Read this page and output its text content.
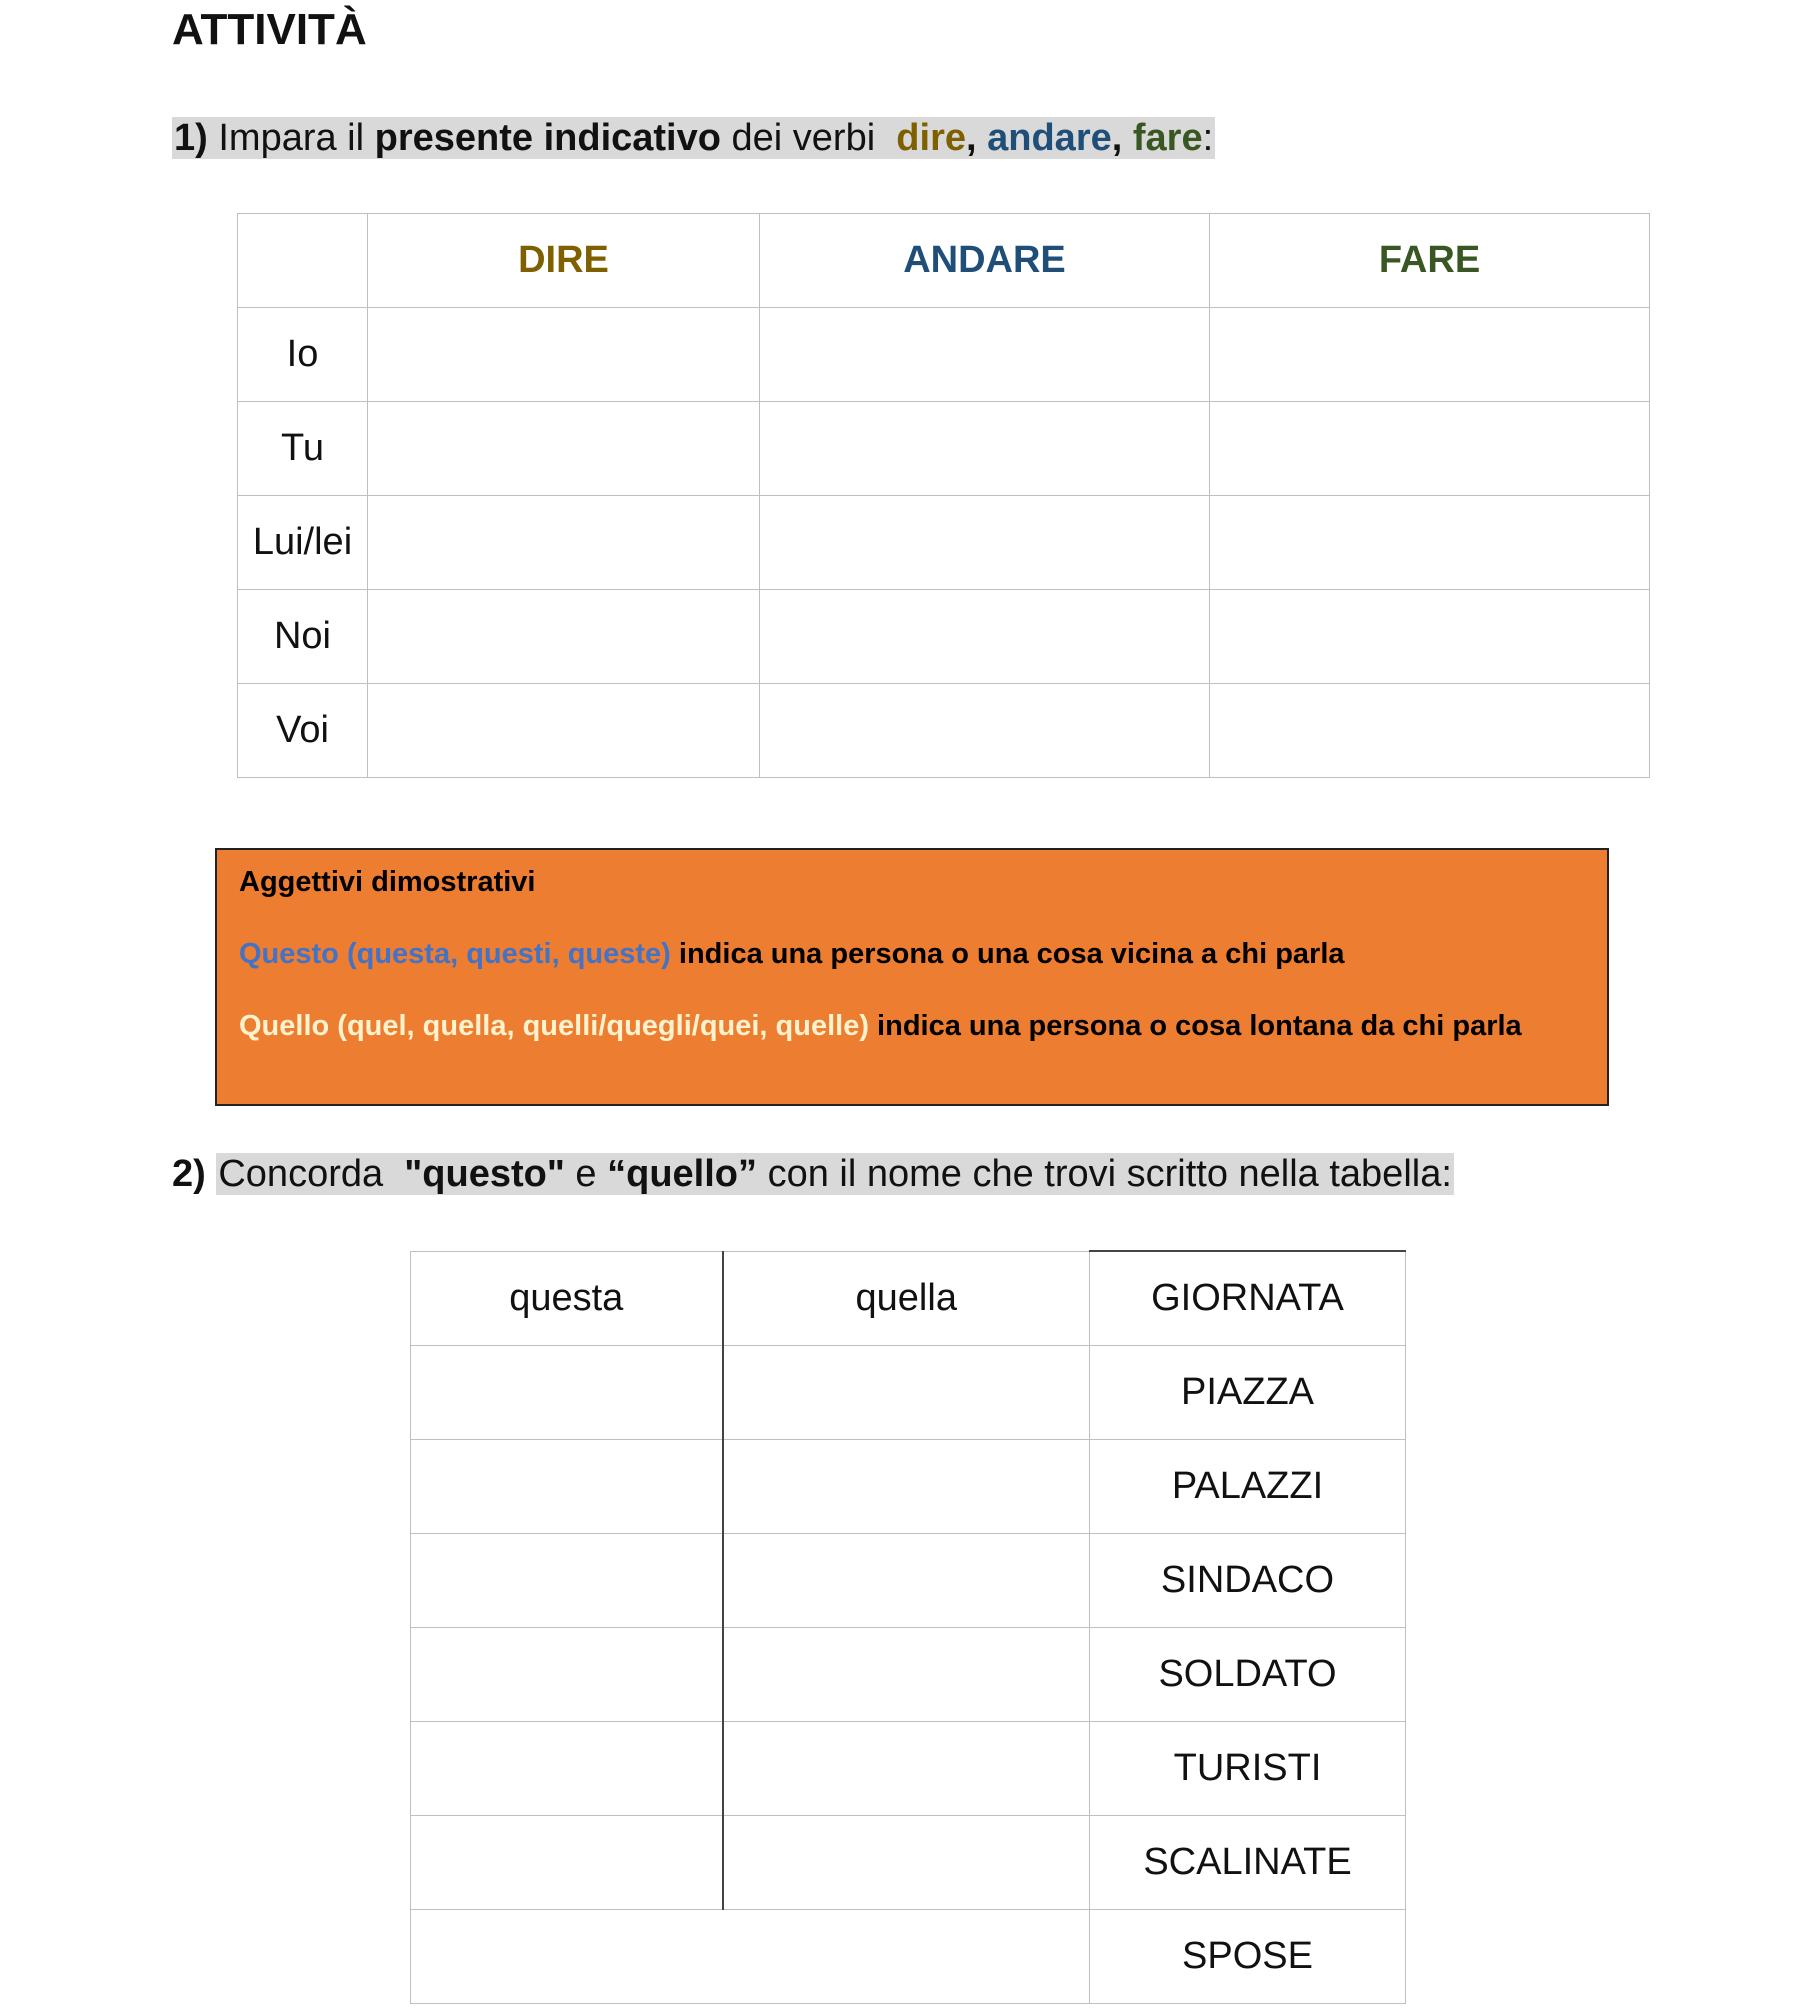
ATTIVITÀ
1) Impara il presente indicativo dei verbi dire, andare, fare:
	DIRE	ANDARE	FARE
Io			
Tu			
Lui/lei			
Noi			
Voi			

Aggettivi dimostrativi

Questo (questa, questi, queste) indica una persona o una cosa vicina a chi parla

Quello (quel, quella, quelli/quegli/quei, quelle) indica una persona o cosa lontana da chi parla

2) Concorda "questo" e “quello” con il nome che trovi scritto nella tabella:
questa	quella	GIORNATA
		PIAZZA
		PALAZZI
		SINDACO
		SOLDATO
		TURISTI
		SCALINATE
		SPOSE
